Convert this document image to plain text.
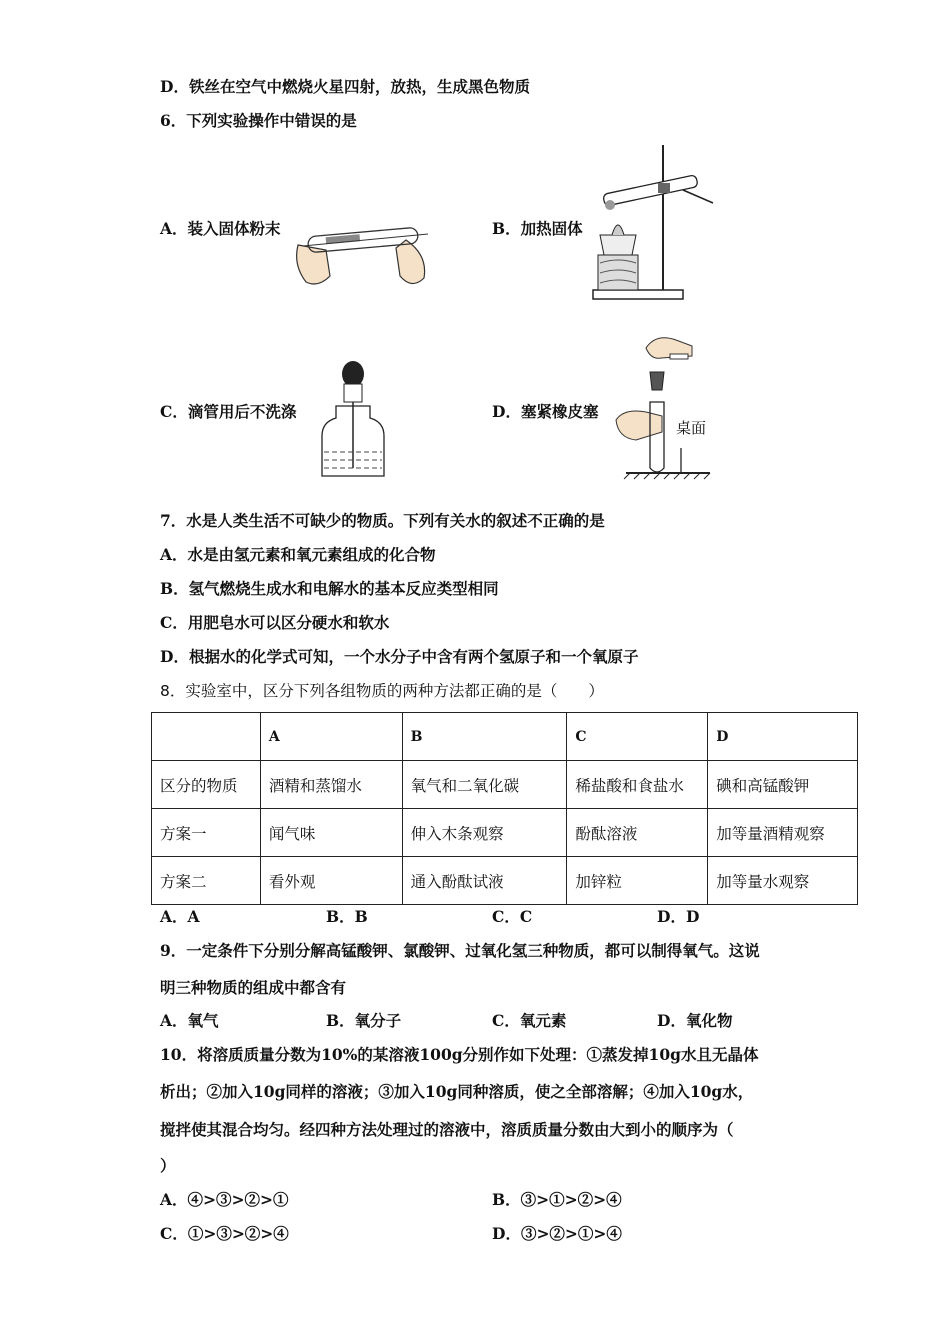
D．铁丝在空气中燃烧火星四射，放热，生成黑色物质
6．下列实验操作中错误的是
A．装入固体粉末	B．加热固体
C．滴管用后不洗涤	D．塞紧橡皮塞
桌面
7．水是人类生活不可缺少的物质。下列有关水的叙述不正确的是
A．水是由氢元素和氧元素组成的化合物
B．氢气燃烧生成水和电解水的基本反应类型相同
C．用肥皂水可以区分硬水和软水
D．根据水的化学式可知，一个水分子中含有两个氢原子和一个氧原子
8．实验室中，区分下列各组物质的两种方法都正确的是（　　）
	A	B	C	D
区分的物质	酒精和蒸馏水	氧气和二氧化碳	稀盐酸和食盐水	碘和高锰酸钾
方案一	闻气味	伸入木条观察	酚酞溶液	加等量酒精观察
方案二	看外观	通入酚酞试液	加锌粒	加等量水观察
A．A	B．B	C．C	D．D
9．一定条件下分别分解高锰酸钾、氯酸钾、过氧化氢三种物质，都可以制得氧气。这说
明三种物质的组成中都含有
A．氧气	B．氧分子	C．氧元素	D．氧化物
10．将溶质质量分数为10%的某溶液100g分别作如下处理：①蒸发掉10g水且无晶体
析出；②加入10g同样的溶液；③加入10g同种溶质，使之全部溶解；④加入10g水，
搅拌使其混合均匀。经四种方法处理过的溶液中，溶质质量分数由大到小的顺序为（
）
A．④>③>②>①	B．③>①>②>④
C．①>③>②>④	D．③>②>①>④
